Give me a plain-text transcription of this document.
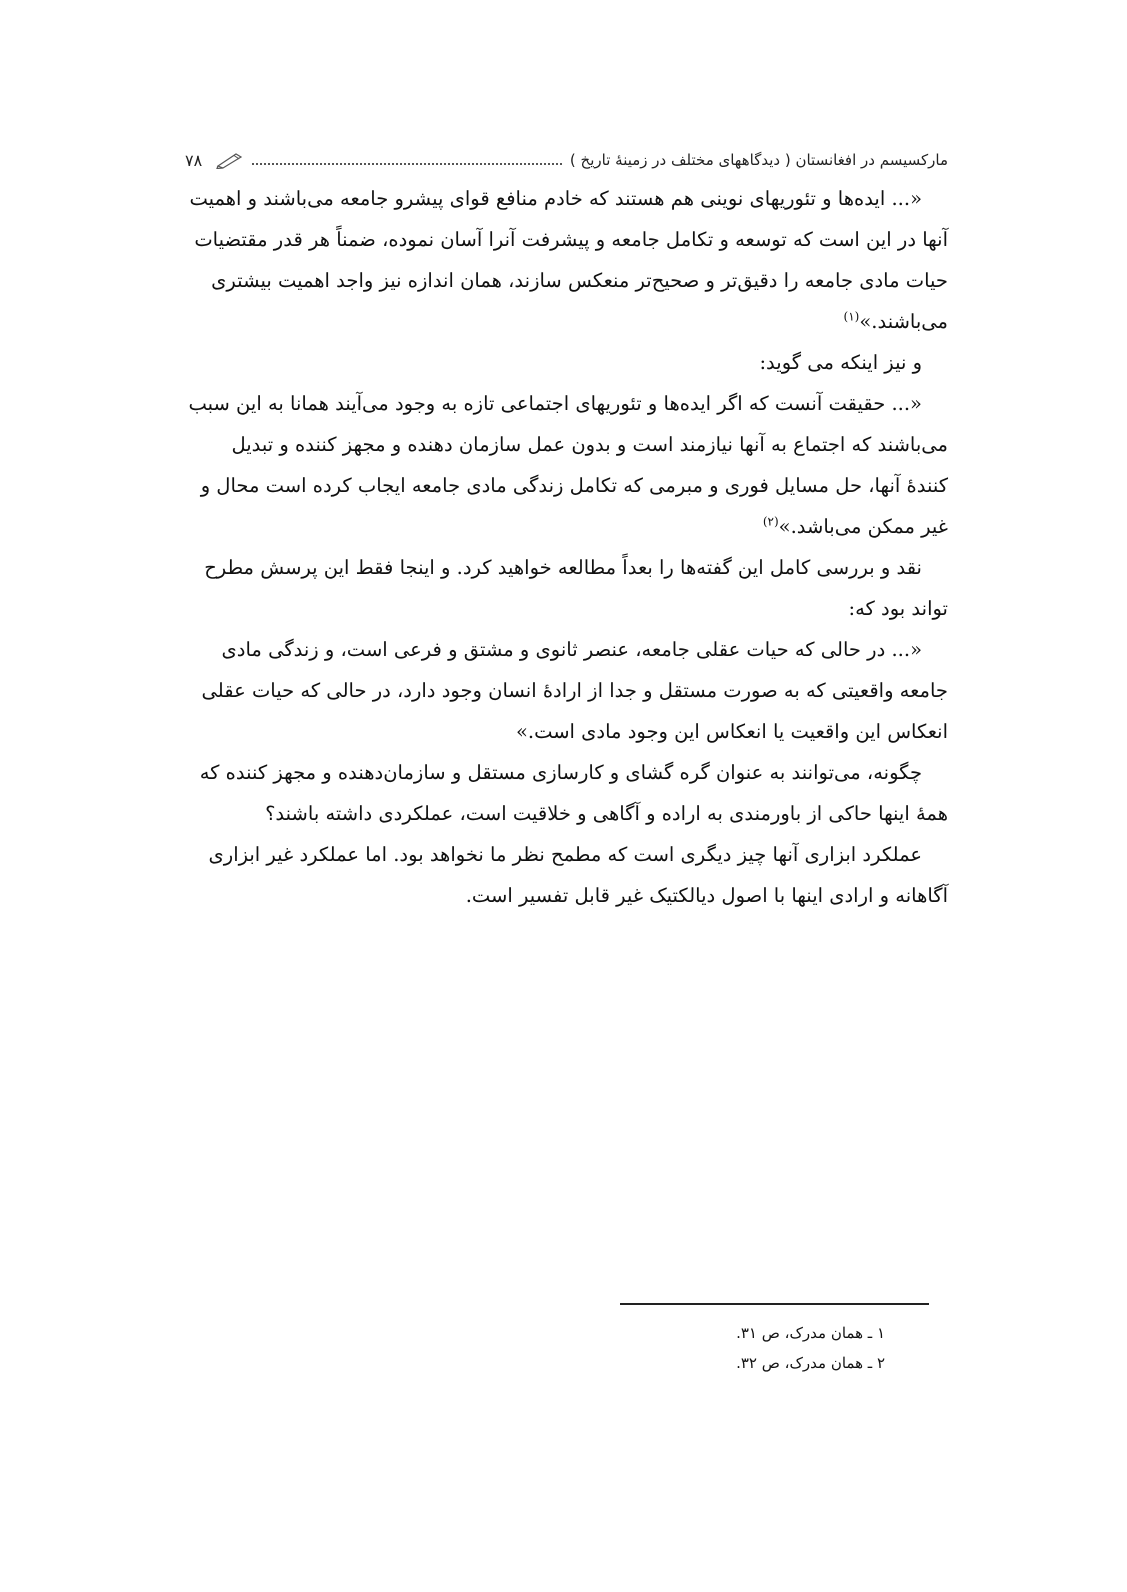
مارکسیسم در افغانستان ( دیدگاههای مختلف در زمینهٔ تاریخ )
۷۸

«... ایده‌ها و تئوریهای نوینی هم هستند که خادم منافع قوای پیشرو جامعه می‌باشند و اهمیت آنها در این است که توسعه و تکامل جامعه و پیشرفت آنرا آسان نموده، ضمناً هر قدر مقتضیات حیات مادی جامعه را دقیق‌تر و صحیح‌تر منعکس سازند، همان اندازه نیز واجد اهمیت بیشتری می‌باشند.»$^{(۱)}$

و نیز اینکه می گوید:

«... حقیقت آنست که اگر ایده‌ها و تئوریهای اجتماعی تازه به وجود می‌آیند همانا به این سبب می‌باشند که اجتماع به آنها نیازمند است و بدون عمل سازمان دهنده و مجهز کننده و تبدیل کنندهٔ آنها، حل مسایل فوری و مبرمی که تکامل زندگی مادی جامعه ایجاب کرده است محال و غیر ممکن می‌باشد.»$^{(۲)}$

نقد و بررسی کامل این گفته‌ها را بعداً مطالعه خواهید کرد. و اینجا فقط این پرسش مطرح تواند بود که:

«... در حالی که حیات عقلی جامعه، عنصر ثانوی و مشتق و فرعی است، و زندگی مادی جامعه واقعیتی که به صورت مستقل و جدا از ارادهٔ انسان وجود دارد، در حالی که حیات عقلی انعکاس این واقعیت یا انعکاس این وجود مادی است.»

چگونه، می‌توانند به عنوان گره گشای و کارسازی مستقل و سازمان‌دهنده و مجهز کننده که همهٔ اینها حاکی از باورمندی به اراده و آگاهی و خلاقیت است، عملکردی داشته باشند؟

عملکرد ابزاری آنها چیز دیگری است که مطمح نظر ما نخواهد بود. اما عملکرد غیر ابزاری آگاهانه و ارادی اینها با اصول دیالکتیک غیر قابل تفسیر است.

۱ ـ همان مدرک، ص ۳۱.
۲ ـ همان مدرک، ص ۳۲.
